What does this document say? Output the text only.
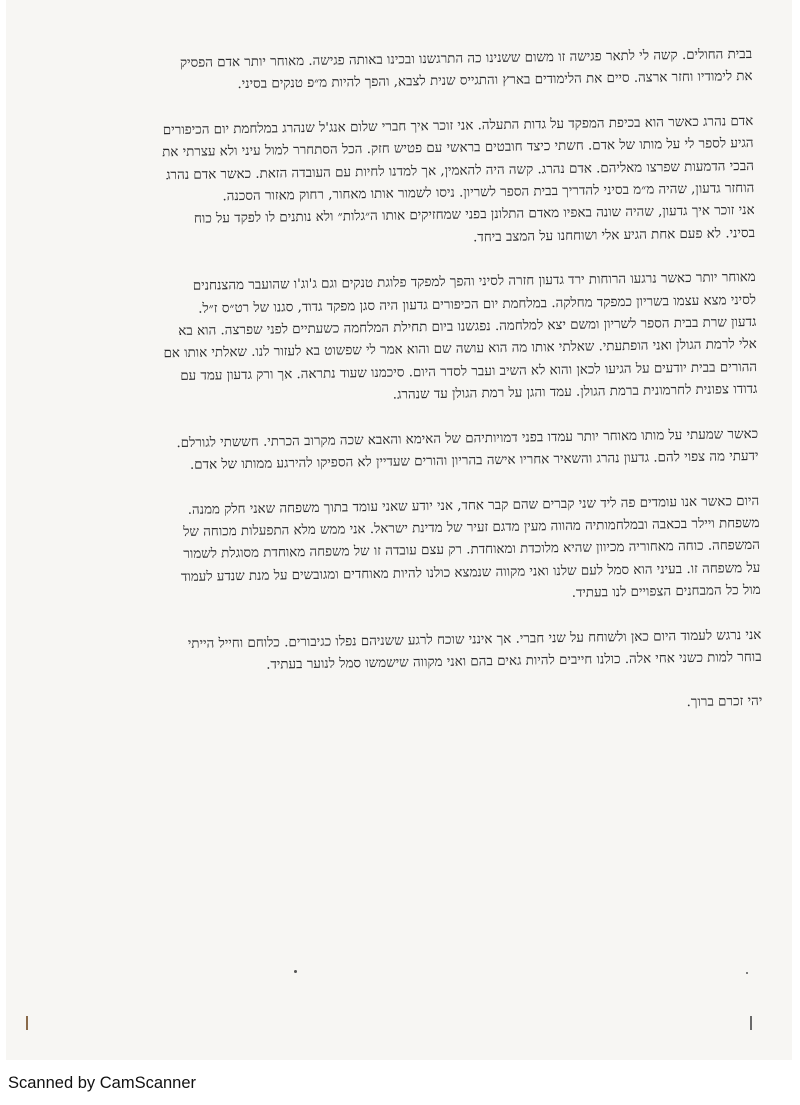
בבית החולים. קשה לי לתאר פגישה זו משום ששנינו כה התרגשנו ובכינו באותה פגישה. מאוחר יותר אדם הפסיק

את לימודיו וחזר ארצה. סיים את הלימודים בארץ והתגייס שנית לצבא, והפך להיות מ״פ טנקים בסיני.

אדם נהרג כאשר הוא בכיפת המפקד על גדות התעלה. אני זוכר איך חברי שלום אנג'ל שנהרג במלחמת יום הכיפורים

הגיע לספר לי על מותו של אדם. חשתי כיצד חובטים בראשי עם פטיש חזק. הכל הסתחרר למול עיני ולא עצרתי את

הבכי הדמעות שפרצו מאליהם. אדם נהרג. קשה היה להאמין, אך למדנו לחיות עם העובדה הזאת. כאשר אדם נהרג

הוחזר גדעון, שהיה מ״מ בסיני להדריך בבית הספר לשריון. ניסו לשמור אותו מאחור, רחוק מאזור הסכנה.

אני זוכר איך גדעון, שהיה שונה באפיו מאדם התלונן בפני שמחזיקים אותו ה״גלות״ ולא נותנים לו לפקד על כוח

בסיני. לא פעם אחת הגיע אלי ושוחחנו על המצב ביחד.

מאוחר יותר כאשר נרגעו הרוחות ירד גדעון חזרה לסיני והפך למפקד פלוגת טנקים וגם ג'וג'ו שהועבר מהצנחנים

לסיני מצא עצמו בשריון כמפקד מחלקה. במלחמת יום הכיפורים גדעון היה סגן מפקד גדוד, סגנו של רט״ס ז״ל.

גדעון שרת בבית הספר לשריון ומשם יצא למלחמה. נפגשנו ביום תחילת המלחמה כשעתיים לפני שפרצה. הוא בא

אלי לרמת הגולן ואני הופתעתי. שאלתי אותו מה הוא עושה שם והוא אמר לי שפשוט בא לעזור לנו. שאלתי אותו אם

ההורים בבית יודעים על הגיעו לכאן והוא לא השיב ועבר לסדר היום. סיכמנו שעוד נתראה. אך ורק גדעון עמד עם

גדודו צפונית לחרמונית ברמת הגולן. עמד והגן על רמת הגולן עד שנהרג.

כאשר שמעתי על מותו מאוחר יותר עמדו בפני דמויותיהם של האימא והאבא שכה מקרוב הכרתי. חששתי לגורלם.

ידעתי מה צפוי להם. גדעון נהרג והשאיר אחריו אישה בהריון והורים שעדיין לא הספיקו להירגע ממותו של אדם.

היום כאשר אנו עומדים פה ליד שני קברים שהם קבר אחד, אני יודע שאני עומד בתוך משפחה שאני חלק ממנה.

משפחת ויילר בכאבה ובמלחמותיה מהווה מעין מדגם זעיר של מדינת ישראל. אני ממש מלא התפעלות מכוחה של

המשפחה. כוחה מאחוריה מכיוון שהיא מלוכדת ומאוחדת. רק עצם עובדה זו של משפחה מאוחדת מסוגלת לשמור

על משפחה זו. בעיני הוא סמל לעם שלנו ואני מקווה שנמצא כולנו להיות מאוחדים ומגובשים על מנת שנדע לעמוד

מול כל המבחנים הצפויים לנו בעתיד.

אני נרגש לעמוד היום כאן ולשוחח על שני חברי. אך אינני שוכח לרגע ששניהם נפלו כגיבורים. כלוחם וחייל הייתי

בוחר למות כשני אחי אלה. כולנו חייבים להיות גאים בהם ואני מקווה שישמשו סמל לנוער בעתיד.

יהי זכרם ברוך.

Scanned by CamScanner
